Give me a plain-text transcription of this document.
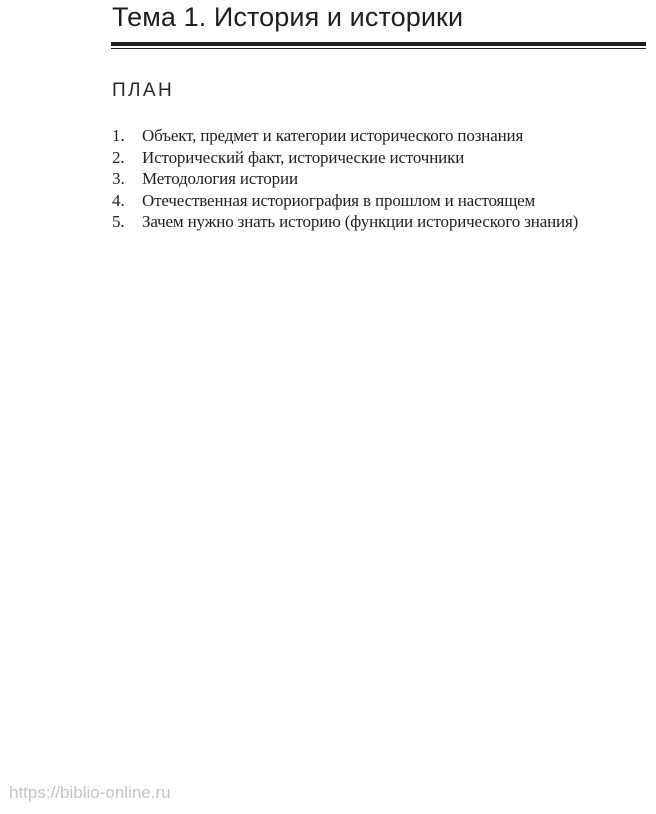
Тема 1. История и историки
ПЛАН
1.	Объект, предмет и категории исторического познания
2.	Исторический факт, исторические источники
3.	Методология истории
4.	Отечественная историография в прошлом и настоящем
5.	Зачем нужно знать историю (функции исторического знания)
https://biblio-online.ru
